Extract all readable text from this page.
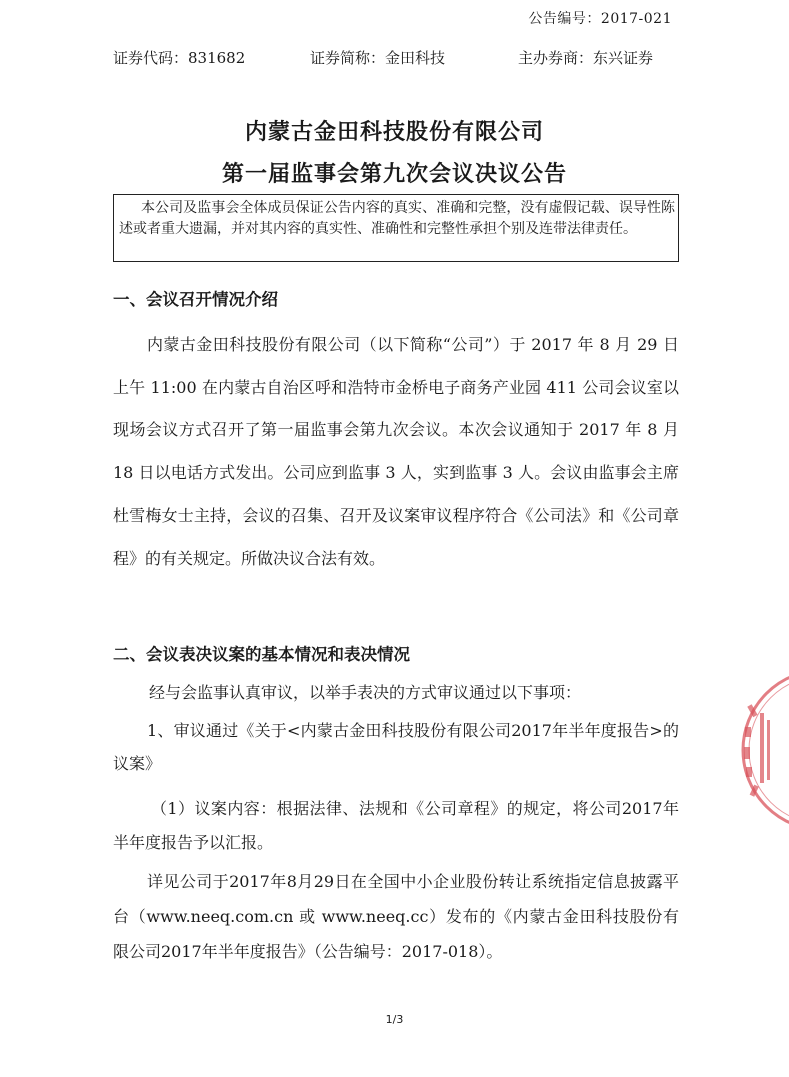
公告编号：2017-021
证券代码：831682	证券简称：金田科技	主办券商：东兴证券
内蒙古金田科技股份有限公司
第一届监事会第九次会议决议公告
本公司及监事会全体成员保证公告内容的真实、准确和完整，没有虚假记载、误导性陈述或者重大遗漏，并对其内容的真实性、准确性和完整性承担个别及连带法律责任。
一、会议召开情况介绍
内蒙古金田科技股份有限公司（以下简称“公司”）于 2017 年 8 月 29 日上午 11:00 在内蒙古自治区呼和浩特市金桥电子商务产业园 411 公司会议室以现场会议方式召开了第一届监事会第九次会议。本次会议通知于 2017 年 8 月 18 日以电话方式发出。公司应到监事 3 人，实到监事 3 人。会议由监事会主席杜雪梅女士主持，会议的召集、召开及议案审议程序符合《公司法》和《公司章程》的有关规定。所做决议合法有效。
二、会议表决议案的基本情况和表决情况
经与会监事认真审议，以举手表决的方式审议通过以下事项：
1、审议通过《关于<内蒙古金田科技股份有限公司2017年半年度报告>的议案》
（1）议案内容：根据法律、法规和《公司章程》的规定，将公司2017年半年度报告予以汇报。
详见公司于2017年8月29日在全国中小企业股份转让系统指定信息披露平台（www.neeq.com.cn 或 www.neeq.cc）发布的《内蒙古金田科技股份有限公司2017年半年度报告》（公告编号：2017-018）。
1/3
